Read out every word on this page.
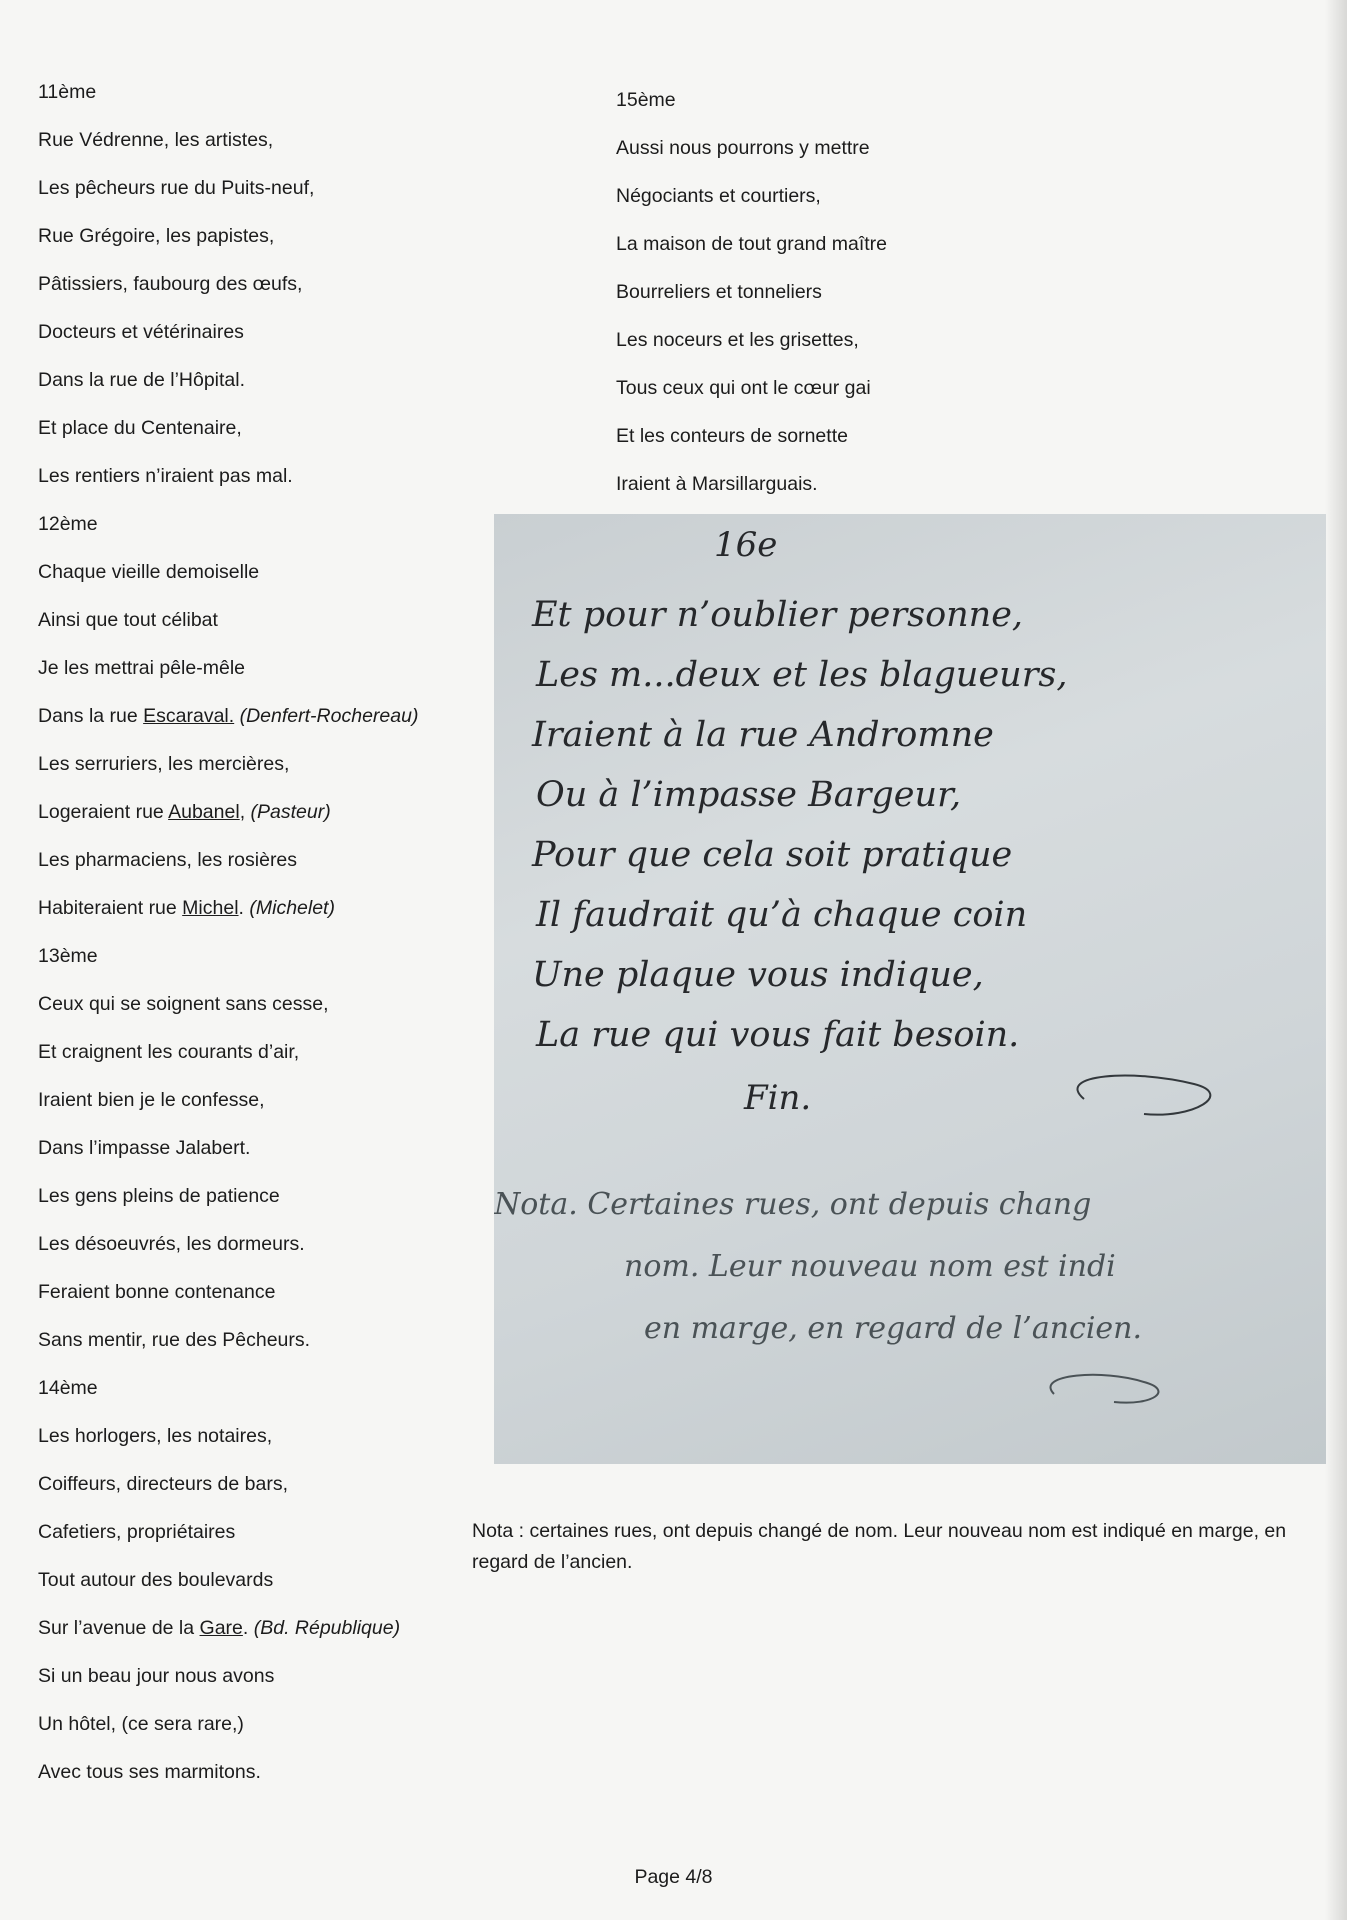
11ème
Rue Védrenne, les artistes,
Les pêcheurs rue du Puits-neuf,
Rue Grégoire, les papistes,
Pâtissiers, faubourg des œufs,
Docteurs et vétérinaires
Dans la rue de l’Hôpital.
Et place du Centenaire,
Les rentiers n’iraient pas mal.
12ème
Chaque vieille demoiselle
Ainsi que tout célibat
Je les mettrai pêle-mêle
Dans la rue Escaraval. (Denfert-Rochereau)
Les serruriers, les mercières,
Logeraient rue Aubanel, (Pasteur)
Les pharmaciens, les rosières
Habiteraient rue Michel. (Michelet)
13ème
Ceux qui se soignent sans cesse,
Et craignent les courants d’air,
Iraient bien je le confesse,
Dans l’impasse Jalabert.
Les gens pleins de patience
Les désoeuvrés, les dormeurs.
Feraient bonne contenance
Sans mentir, rue des Pêcheurs.
14ème
Les horlogers, les notaires,
Coiffeurs, directeurs de bars,
Cafetiers, propriétaires
Tout autour des boulevards
Sur l’avenue de la Gare. (Bd. République)
Si un beau jour nous avons
Un hôtel, (ce sera rare,)
Avec tous ses marmitons.
15ème
Aussi nous pourrons y mettre
Négociants et courtiers,
La maison de tout grand maître
Bourreliers et tonneliers
Les noceurs et les grisettes,
Tous ceux qui ont le cœur gai
Et les conteurs de sornette
Iraient à Marsillarguais.
16e
Et pour n’oublier personne,
Les m...deux et les blagueurs,
Iraient à la rue Andromne
Ou à l’impasse Bargeur,
Pour que cela soit pratique
Il faudrait qu’à chaque coin
Une plaque vous indique,
La rue qui vous fait besoin.
Fin.
Nota. Certaines rues, ont depuis chang
nom. Leur nouveau nom est indi
en marge, en regard de l’ancien.
Nota : certaines rues, ont depuis changé de nom. Leur nouveau nom est indiqué en marge, en regard de l’ancien.
Page 4/8
